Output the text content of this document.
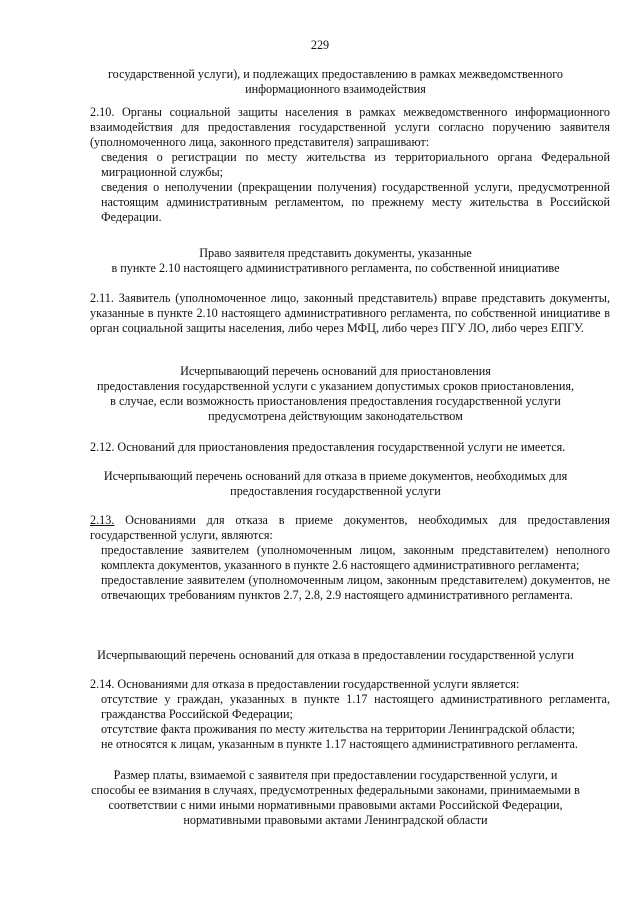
229
государственной услуги), и подлежащих предоставлению в рамках межведомственного информационного взаимодействия
2.10. Органы социальной защиты населения в рамках межведомственного информационного взаимодействия для предоставления государственной услуги согласно поручению заявителя (уполномоченного лица, законного представителя) запрашивают:
сведения о регистрации по месту жительства из территориального органа Федеральной миграционной службы;
сведения о неполучении (прекращении получения) государственной услуги, предусмотренной настоящим административным регламентом, по прежнему месту жительства в Российской Федерации.
Право заявителя представить документы, указанные
в пункте 2.10 настоящего административного регламента, по собственной инициативе
2.11. Заявитель (уполномоченное лицо, законный представитель) вправе представить документы, указанные в пункте 2.10 настоящего административного регламента, по собственной инициативе в орган социальной защиты населения, либо через МФЦ, либо через ПГУ ЛО, либо через ЕПГУ.
Исчерпывающий перечень оснований для приостановления
предоставления государственной услуги с указанием допустимых сроков приостановления,
в случае, если возможность приостановления предоставления государственной услуги
предусмотрена действующим законодательством
2.12. Оснований для приостановления предоставления государственной услуги не имеется.
Исчерпывающий перечень оснований для отказа в приеме документов, необходимых для
предоставления государственной услуги
2.13. Основаниями для отказа в приеме документов, необходимых для предоставления государственной услуги, являются:
предоставление заявителем (уполномоченным лицом, законным представителем) неполного комплекта документов, указанного в пункте 2.6 настоящего административного регламента;
предоставление заявителем (уполномоченным лицом, законным представителем) документов, не отвечающих требованиям пунктов 2.7, 2.8, 2.9 настоящего административного регламента.
Исчерпывающий перечень оснований для отказа в предоставлении государственной услуги
2.14. Основаниями для отказа в предоставлении государственной услуги является:
отсутствие у граждан, указанных в пункте 1.17 настоящего административного регламента, гражданства Российской Федерации;
отсутствие факта проживания по месту жительства на территории Ленинградской области;
не относятся к лицам, указанным в пункте 1.17 настоящего административного регламента.
Размер платы, взимаемой с заявителя при предоставлении государственной услуги, и
способы ее взимания в случаях, предусмотренных федеральными законами, принимаемыми в
соответствии с ними иными нормативными правовыми актами Российской Федерации,
нормативными правовыми актами Ленинградской области
